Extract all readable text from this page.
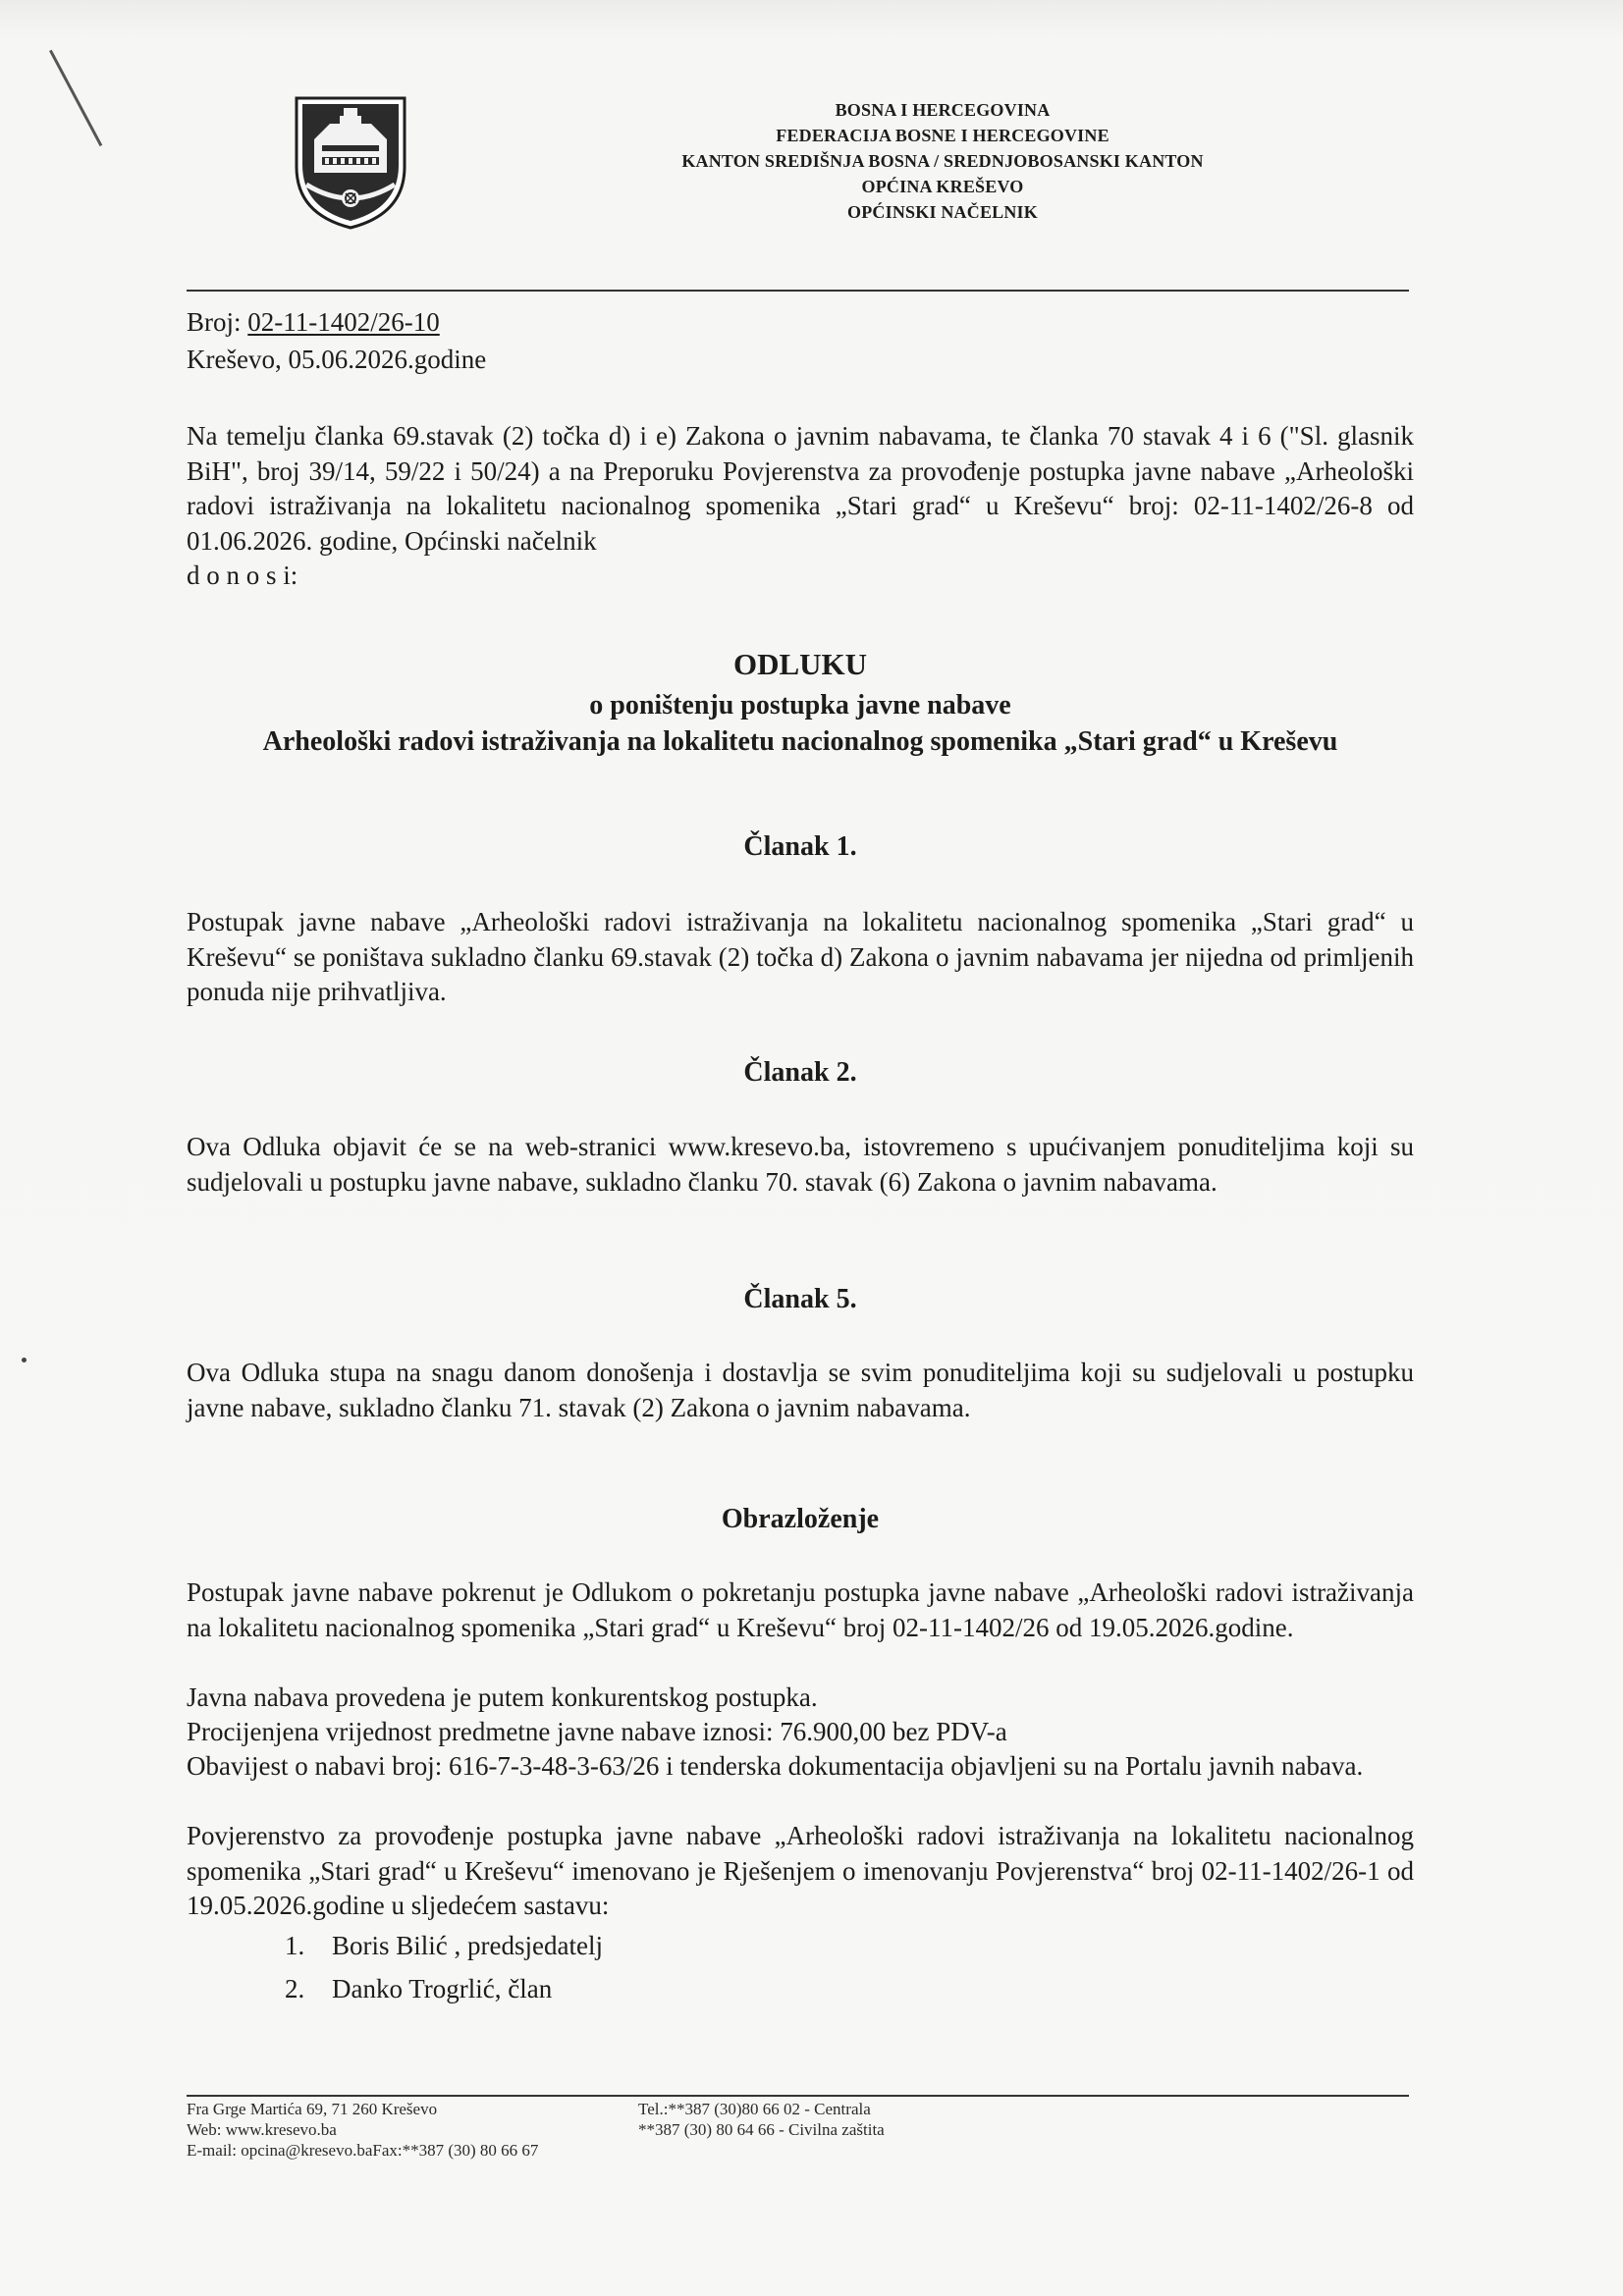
BOSNA I HERCEGOVINA
FEDERACIJA BOSNE I HERCEGOVINE
KANTON SREDIŠNJA BOSNA / SREDNJOBOSANSKI KANTON
OPĆINA KREŠEVO
OPĆINSKI NAČELNIK
Broj: 02-11-1402/26-10
Kreševo, 05.06.2026.godine
Na temelju članka 69.stavak (2) točka d) i e) Zakona o javnim nabavama, te članka 70 stavak 4 i 6 ("Sl. glasnik BiH", broj 39/14, 59/22 i 50/24) a na Preporuku Povjerenstva za provođenje postupka javne nabave „Arheološki radovi istraživanja na lokalitetu nacionalnog spomenika „Stari grad“ u Kreševu“ broj: 02-11-1402/26-8 od 01.06.2026. godine, Općinski načelnik
d o n o s i:
ODLUKU
o poništenju postupka javne nabave
Arheološki radovi istraživanja na lokalitetu nacionalnog spomenika „Stari grad“ u Kreševu
Članak 1.
Postupak javne nabave „Arheološki radovi istraživanja na lokalitetu nacionalnog spomenika „Stari grad“ u Kreševu“ se poništava sukladno članku 69.stavak (2) točka d) Zakona o javnim nabavama jer nijedna od primljenih ponuda nije prihvatljiva.
Članak 2.
Ova Odluka objavit će se na web-stranici www.kresevo.ba, istovremeno s upućivanjem ponuditeljima koji su sudjelovali u postupku javne nabave, sukladno članku 70. stavak (6) Zakona o javnim nabavama.
Članak 5.
Ova Odluka stupa na snagu danom donošenja i dostavlja se svim ponuditeljima koji su sudjelovali u postupku javne nabave, sukladno članku 71. stavak (2) Zakona o javnim nabavama.
Obrazloženje
Postupak javne nabave pokrenut je Odlukom o pokretanju postupka javne nabave „Arheološki radovi istraživanja na lokalitetu nacionalnog spomenika „Stari grad“ u Kreševu“ broj 02-11-1402/26 od 19.05.2026.godine.
Javna nabava provedena je putem konkurentskog postupka.
Procijenjena vrijednost predmetne javne nabave iznosi: 76.900,00 bez PDV-a
Obavijest o nabavi broj: 616-7-3-48-3-63/26 i tenderska dokumentacija objavljeni su na Portalu javnih nabava.
Povjerenstvo za provođenje postupka javne nabave „Arheološki radovi istraživanja na lokalitetu nacionalnog spomenika „Stari grad“ u Kreševu“ imenovano je Rješenjem o imenovanju Povjerenstva“ broj 02-11-1402/26-1 od 19.05.2026.godine u sljedećem sastavu:
1. Boris Bilić , predsjedatelj
2. Danko Trogrlić, član
Fra Grge Martića 69, 71 260 Kreševo
Web: www.kresevo.ba
E-mail: opcina@kresevo.baFax:**387 (30) 80 66 67
Tel.:**387 (30)80 66 02 - Centrala
**387 (30) 80 64 66 - Civilna zaštita
